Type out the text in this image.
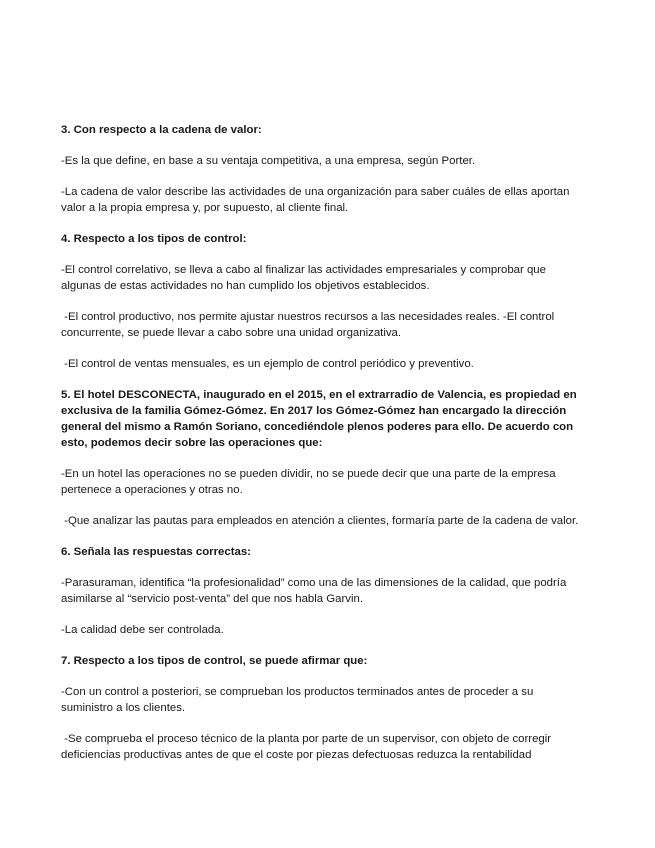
3. Con respecto a la cadena de valor:

-Es la que define, en base a su ventaja competitiva, a una empresa, según Porter.

-La cadena de valor describe las actividades de una organización para saber cuáles de ellas aportan valor a la propia empresa y, por supuesto, al cliente final.

4. Respecto a los tipos de control:

-El control correlativo, se lleva a cabo al finalizar las actividades empresariales y comprobar que algunas de estas actividades no han cumplido los objetivos establecidos.

-El control productivo, nos permite ajustar nuestros recursos a las necesidades reales. -El control concurrente, se puede llevar a cabo sobre una unidad organizativa.

-El control de ventas mensuales, es un ejemplo de control periódico y preventivo.

5. El hotel DESCONECTA, inaugurado en el 2015, en el extrarradio de Valencia, es propiedad en exclusiva de la familia Gómez-Gómez. En 2017 los Gómez-Gómez han encargado la dirección general del mismo a Ramón Soriano, concediéndole plenos poderes para ello. De acuerdo con esto, podemos decir sobre las operaciones que:

-En un hotel las operaciones no se pueden dividir, no se puede decir que una parte de la empresa pertenece a operaciones y otras no.

-Que analizar las pautas para empleados en atención a clientes, formaría parte de la cadena de valor.

6. Señala las respuestas correctas:

-Parasuraman, identifica “la profesionalidad” como una de las dimensiones de la calidad, que podría asimilarse al “servicio post-venta” del que nos habla Garvin.

-La calidad debe ser controlada.

7. Respecto a los tipos de control, se puede afirmar que:

-Con un control a posteriori, se comprueban los productos terminados antes de proceder a su suministro a los clientes.

-Se comprueba el proceso técnico de la planta por parte de un supervisor, con objeto de corregir deficiencias productivas antes de que el coste por piezas defectuosas reduzca la rentabilidad
